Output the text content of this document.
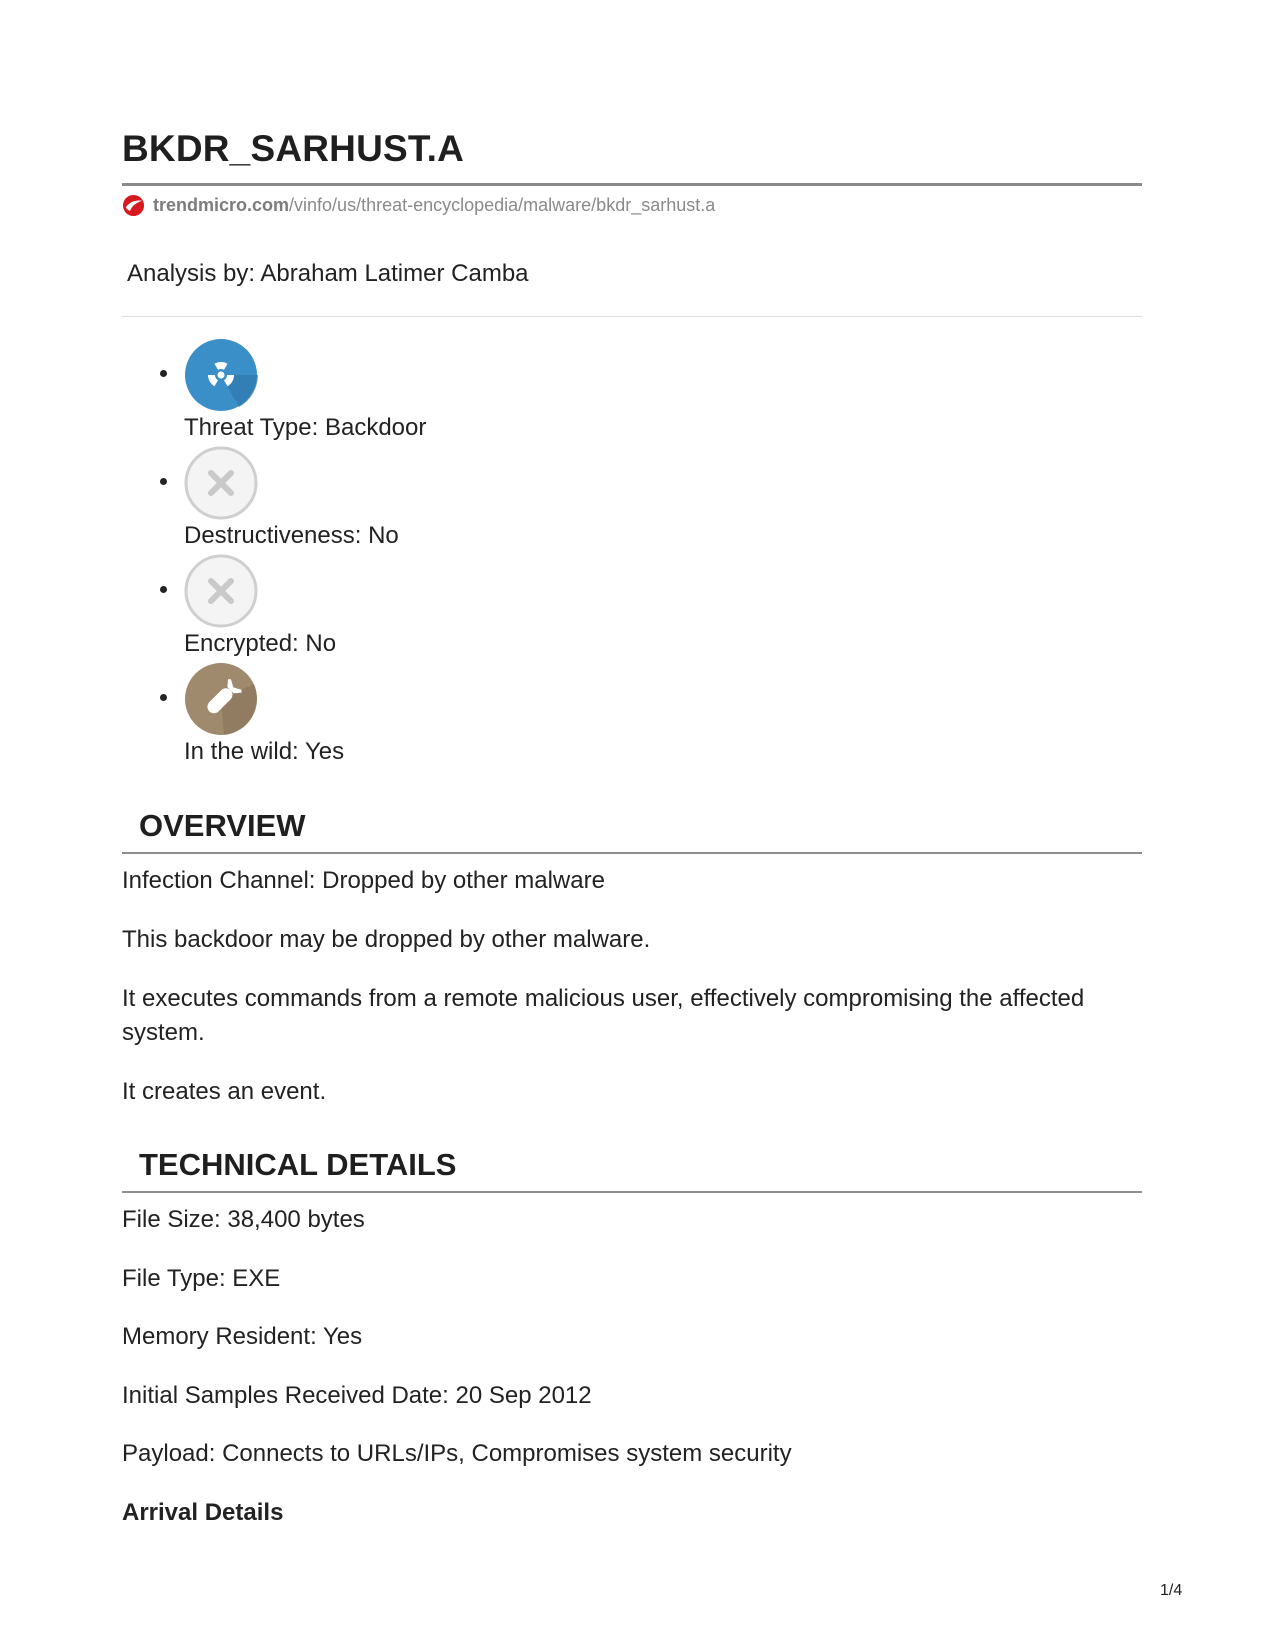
BKDR_SARHUST.A
trendmicro.com /vinfo/us/threat-encyclopedia/malware/bkdr_sarhust.a
Analysis by: Abraham Latimer Camba
Threat Type: Backdoor
Destructiveness: No
Encrypted: No
In the wild: Yes
OVERVIEW

Infection Channel: Dropped by other malware

This backdoor may be dropped by other malware.

It executes commands from a remote malicious user, effectively compromising the affected system.

It creates an event.

TECHNICAL DETAILS

File Size: 38,400 bytes

File Type: EXE

Memory Resident: Yes

Initial Samples Received Date: 20 Sep 2012

Payload: Connects to URLs/IPs, Compromises system security

Arrival Details

1/4
